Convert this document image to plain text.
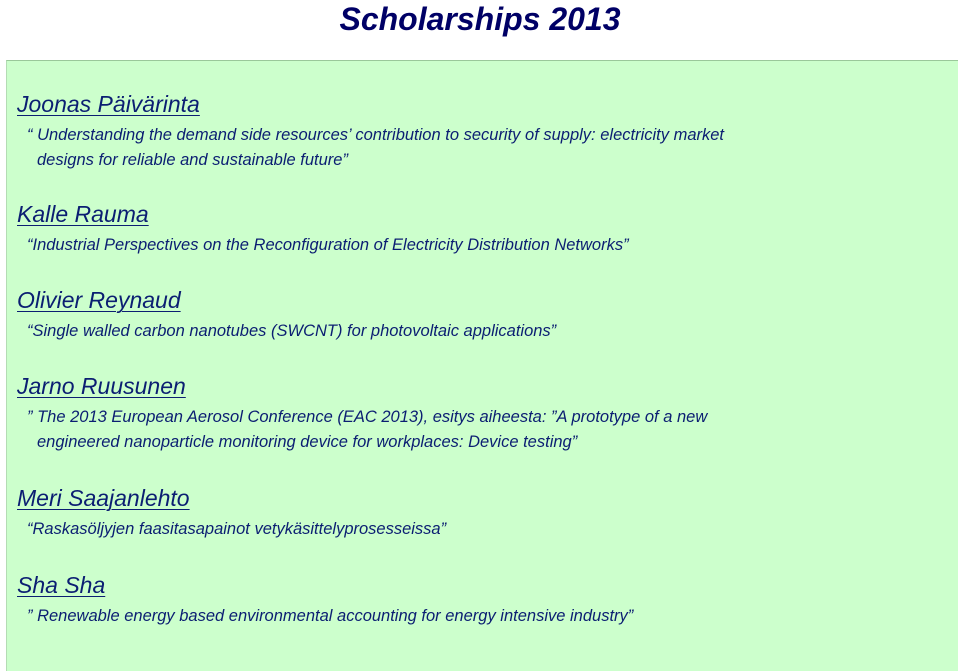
Scholarships 2013
Joonas Päivärinta
“ Understanding the demand side resources’ contribution to security of supply: electricity market
designs for reliable and sustainable future”
Kalle Rauma
“Industrial Perspectives on the Reconfiguration of Electricity Distribution Networks”
Olivier Reynaud
“Single walled carbon nanotubes (SWCNT) for photovoltaic applications”
Jarno Ruusunen
” The 2013 European Aerosol Conference (EAC 2013), esitys aiheesta: ”A prototype of a new
engineered nanoparticle monitoring device for workplaces: Device testing”
Meri Saajanlehto
“Raskasöljyjen faasitasapainot vetykäsittelyprosesseissa”
Sha Sha
” Renewable energy based environmental accounting for energy intensive industry”
